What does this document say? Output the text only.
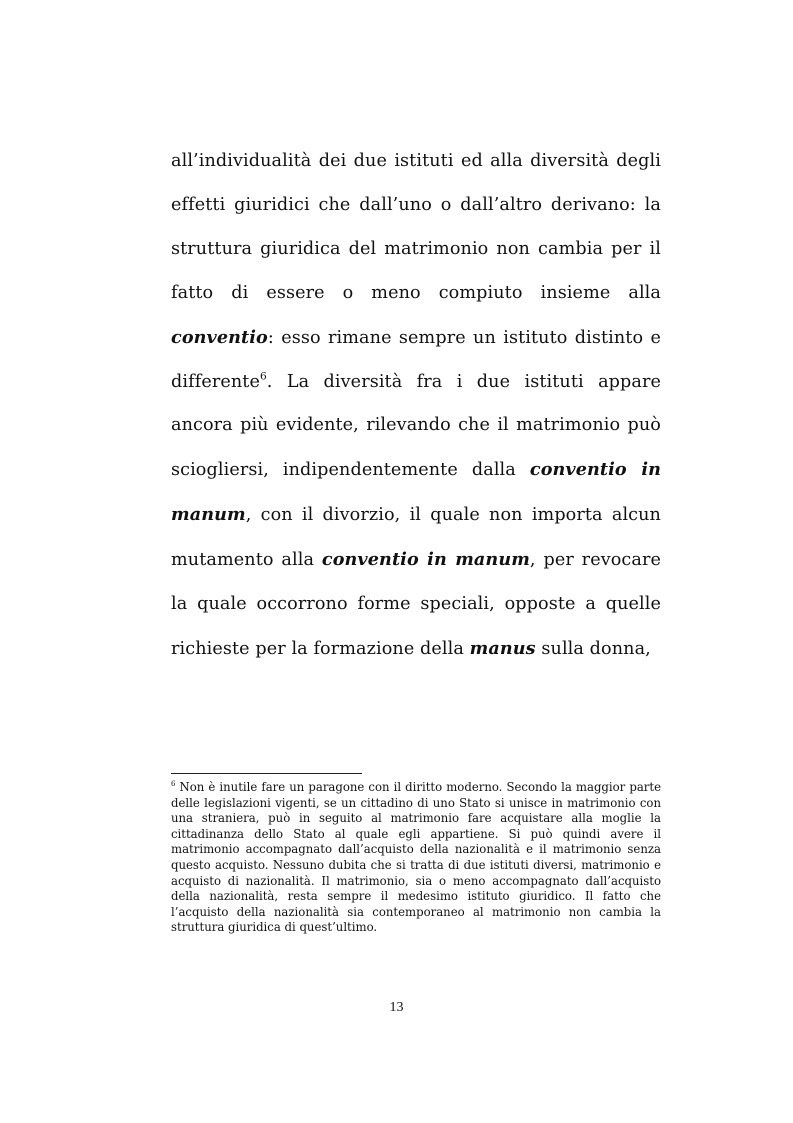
all’individualità dei due istituti ed alla diversità degli effetti giuridici che dall’uno o dall’altro derivano: la struttura giuridica del matrimonio non cambia per il fatto di essere o meno compiuto insieme alla conventio: esso rimane sempre un istituto distinto e differente$^6$. La diversità fra i due istituti appare ancora più evidente, rilevando che il matrimonio può sciogliersi, indipendentemente dalla conventio in manum, con il divorzio, il quale non importa alcun mutamento alla conventio in manum, per revocare la quale occorrono forme speciali, opposte a quelle richieste per la formazione della manus sulla donna,

$^6$ Non è inutile fare un paragone con il diritto moderno. Secondo la maggior parte delle legislazioni vigenti, se un cittadino di uno Stato si unisce in matrimonio con una straniera, può in seguito al matrimonio fare acquistare alla moglie la cittadinanza dello Stato al quale egli appartiene. Si può quindi avere il matrimonio accompagnato dall’acquisto della nazionalità e il matrimonio senza questo acquisto. Nessuno dubita che si tratta di due istituti diversi, matrimonio e acquisto di nazionalità. Il matrimonio, sia o meno accompagnato dall’acquisto della nazionalità, resta sempre il medesimo istituto giuridico. Il fatto che l’acquisto della nazionalità sia contemporaneo al matrimonio non cambia la struttura giuridica di quest’ultimo.

13
